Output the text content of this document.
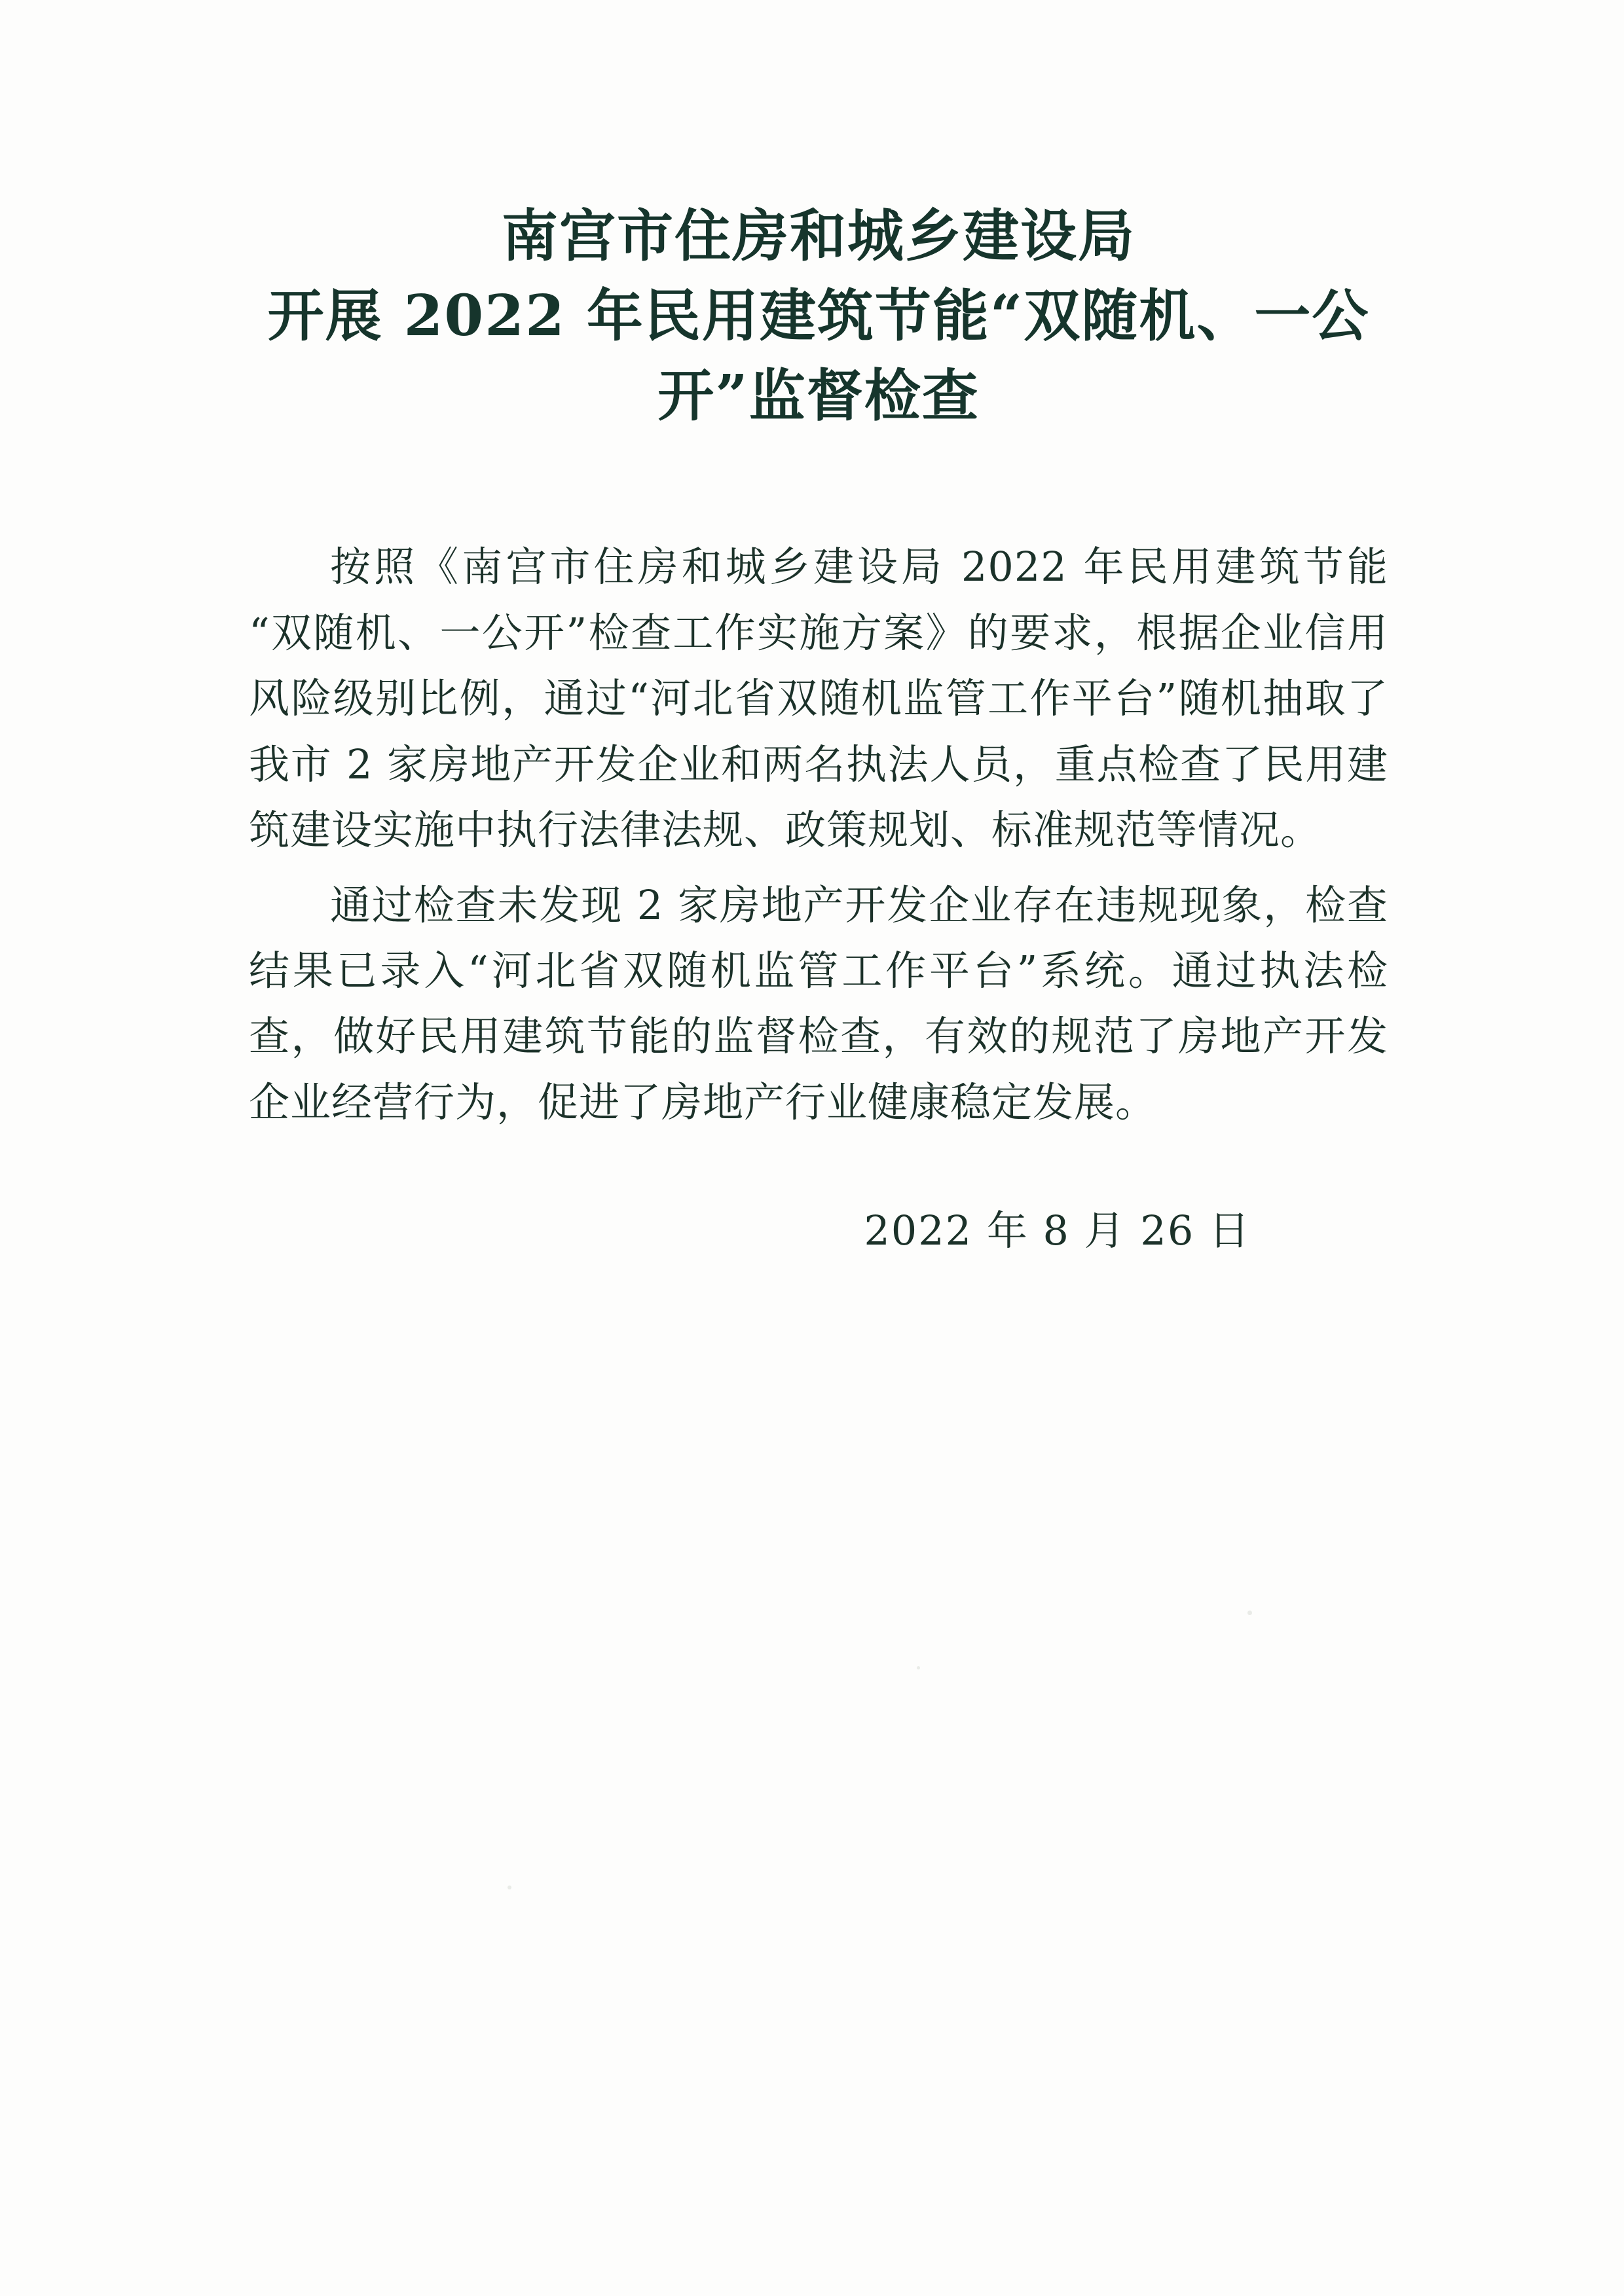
南宫市住房和城乡建设局
开展 2022 年民用建筑节能“双随机、一公
开”监督检查

按照《南宫市住房和城乡建设局 2022 年民用建筑节能“双随机、一公开”检查工作实施方案》的要求，根据企业信用风险级别比例，通过“河北省双随机监管工作平台”随机抽取了我市 2 家房地产开发企业和两名执法人员，重点检查了民用建筑建设实施中执行法律法规、政策规划、标准规范等情况。

通过检查未发现 2 家房地产开发企业存在违规现象，检查结果已录入“河北省双随机监管工作平台”系统。通过执法检查，做好民用建筑节能的监督检查，有效的规范了房地产开发企业经营行为，促进了房地产行业健康稳定发展。

2022 年 8 月 26 日
